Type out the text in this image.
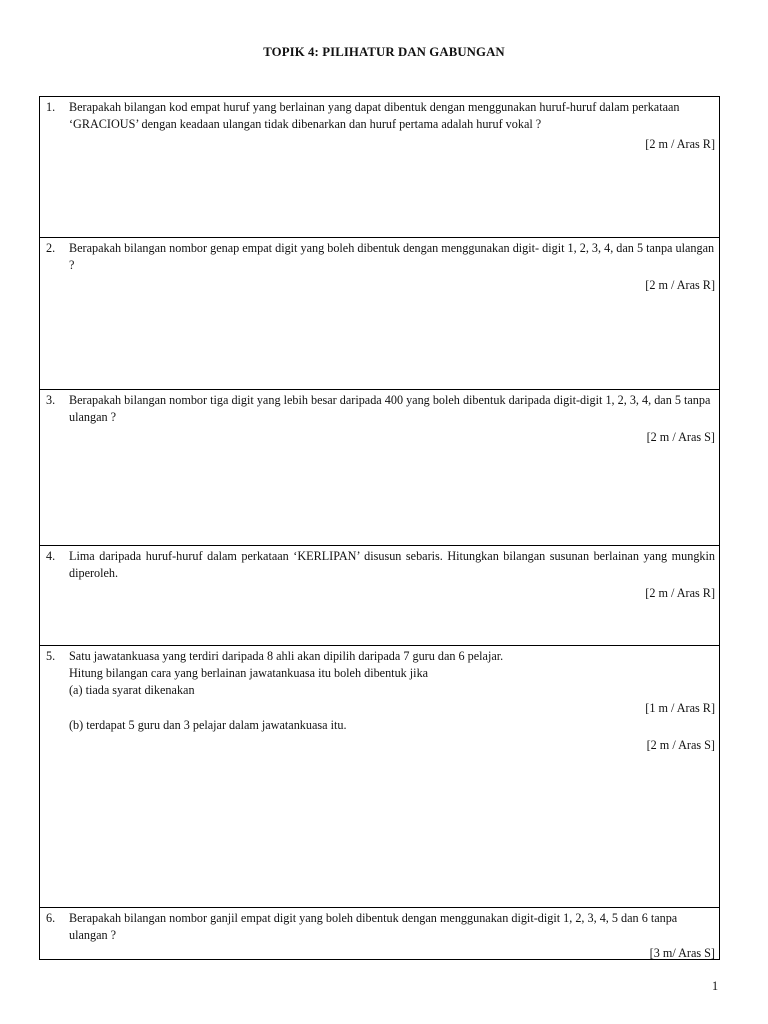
TOPIK 4: PILIHATUR DAN GABUNGAN
1.	Berapakah bilangan kod empat huruf yang berlainan yang dapat dibentuk dengan menggunakan huruf-huruf dalam perkataan ‘GRACIOUS’ dengan keadaan ulangan tidak dibenarkan dan huruf pertama adalah huruf vokal ?

[2 m / Aras R]
2.	Berapakah bilangan nombor genap empat digit yang boleh dibentuk dengan menggunakan digit- digit 1, 2, 3, 4, dan 5 tanpa ulangan ?

[2 m / Aras R]
3.	Berapakah bilangan nombor tiga digit yang lebih besar daripada 400 yang boleh dibentuk daripada digit-digit 1, 2, 3, 4, dan 5 tanpa ulangan ?

[2 m / Aras S]
4.	Lima daripada huruf-huruf dalam perkataan ‘KERLIPAN’ disusun sebaris. Hitungkan bilangan susunan berlainan yang mungkin diperoleh.

[2 m / Aras R]
5.	Satu jawatankuasa yang terdiri daripada 8 ahli akan dipilih daripada 7 guru dan 6 pelajar.

Hitung bilangan cara yang berlainan jawatankuasa itu boleh dibentuk jika

(a) tiada syarat dikenakan

[1 m / Aras R]

(b) terdapat 5 guru dan 3 pelajar dalam jawatankuasa itu.

[2 m / Aras S]
6.	Berapakah bilangan nombor ganjil empat digit yang boleh dibentuk dengan menggunakan digit-digit 1, 2, 3, 4, 5 dan 6 tanpa ulangan ?

[3 m/ Aras S]
1
